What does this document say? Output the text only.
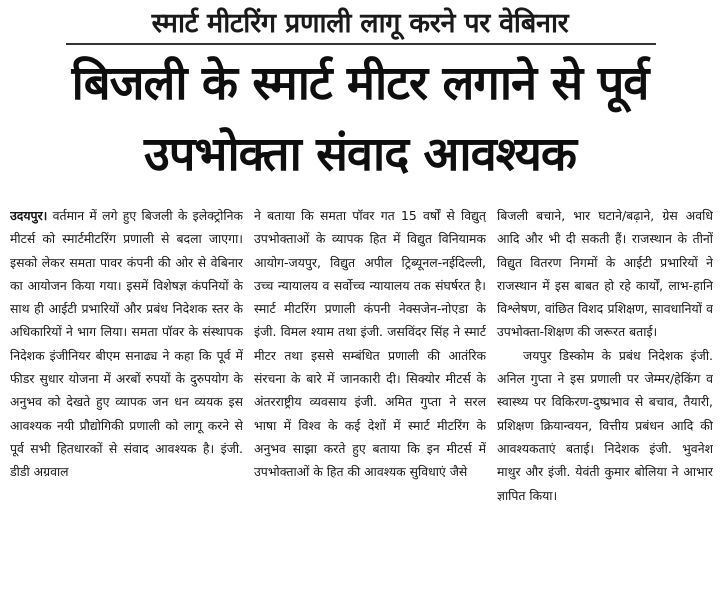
स्मार्ट मीटरिंग प्रणाली लागू करने पर वेबिनार
बिजली के स्मार्ट मीटर लगाने से पूर्व
उपभोक्ता संवाद आवश्यक

उदयपुर। वर्तमान में लगे हुए बिजली के इलेक्ट्रोनिक मीटर्स को स्मार्टमीटरिंग प्रणाली से बदला जाएगा। इसको लेकर समता पावर कंपनी की ओर से वेबिनार का आयोजन किया गया। इसमें विशेषज्ञ कंपनियों के साथ ही आईटी प्रभारियों और प्रबंध निदेशक स्तर के अधिकारियों ने भाग लिया। समता पॉवर के संस्थापक निदेशक इंजीनियर बीएम सनाढ्य ने कहा कि पूर्व में फीडर सुधार योजना में अरबों रुपयों के दुरुपयोग के अनुभव को देखते हुए व्यापक जन धन व्ययक इस आवश्यक नयी प्रौद्योगिकी प्रणाली को लागू करने से पूर्व सभी हितधारकों से संवाद आवश्यक है। इंजी. डीडी अग्रवाल

ने बताया कि समता पॉवर गत 15 वर्षों से विद्युत् उपभोक्ताओं के व्यापक हित में विद्युत विनियामक आयोग-जयपुर, विद्युत अपील ट्रिब्यूनल-नईदिल्ली, उच्च न्यायालय व सर्वोच्च न्यायालय तक संघर्षरत है। स्मार्ट मीटरिंग प्रणाली कंपनी नेक्सजेन-नोएडा के इंजी. विमल श्याम तथा इंजी. जसविंदर सिंह ने स्मार्ट मीटर तथा इससे सम्बंधित प्रणाली की आतंरिक संरचना के बारे में जानकारी दी। सिक्योर मीटर्स के अंतरराष्ट्रीय व्यवसाय इंजी. अमित गुप्ता ने सरल भाषा में विश्व के कई देशों में स्मार्ट मीटरिंग के अनुभव साझा करते हुए बताया कि इन मीटर्स में उपभोक्ताओं के हित की आवश्यक सुविधाएं जैसे

बिजली बचाने, भार घटाने/बढ़ाने, ग्रेस अवधि आदि और भी दी सकती हैं। राजस्थान के तीनों विद्युत वितरण निगमों के आईटी प्रभारियों ने राजस्थान में इस बाबत हो रहे कार्यों, लाभ-हानि विश्लेषण, वांछित विशद प्रशिक्षण, सावधानियों व उपभोक्ता-शिक्षण की जरूरत बताई।

जयपुर डिस्कोम के प्रबंध निदेशक इंजी. अनिल गुप्ता ने इस प्रणाली पर जेम्मर/हेकिंग व स्वास्थ्य पर विकिरण-दुष्प्रभाव से बचाव, तैयारी, प्रशिक्षण क्रियान्वयन, वित्तीय प्रबंधन आदि की आवश्यकताएं बताई। निदेशक इंजी. भुवनेश माथुर और इंजी. येवंती कुमार बोलिया ने आभार ज्ञापित किया।
